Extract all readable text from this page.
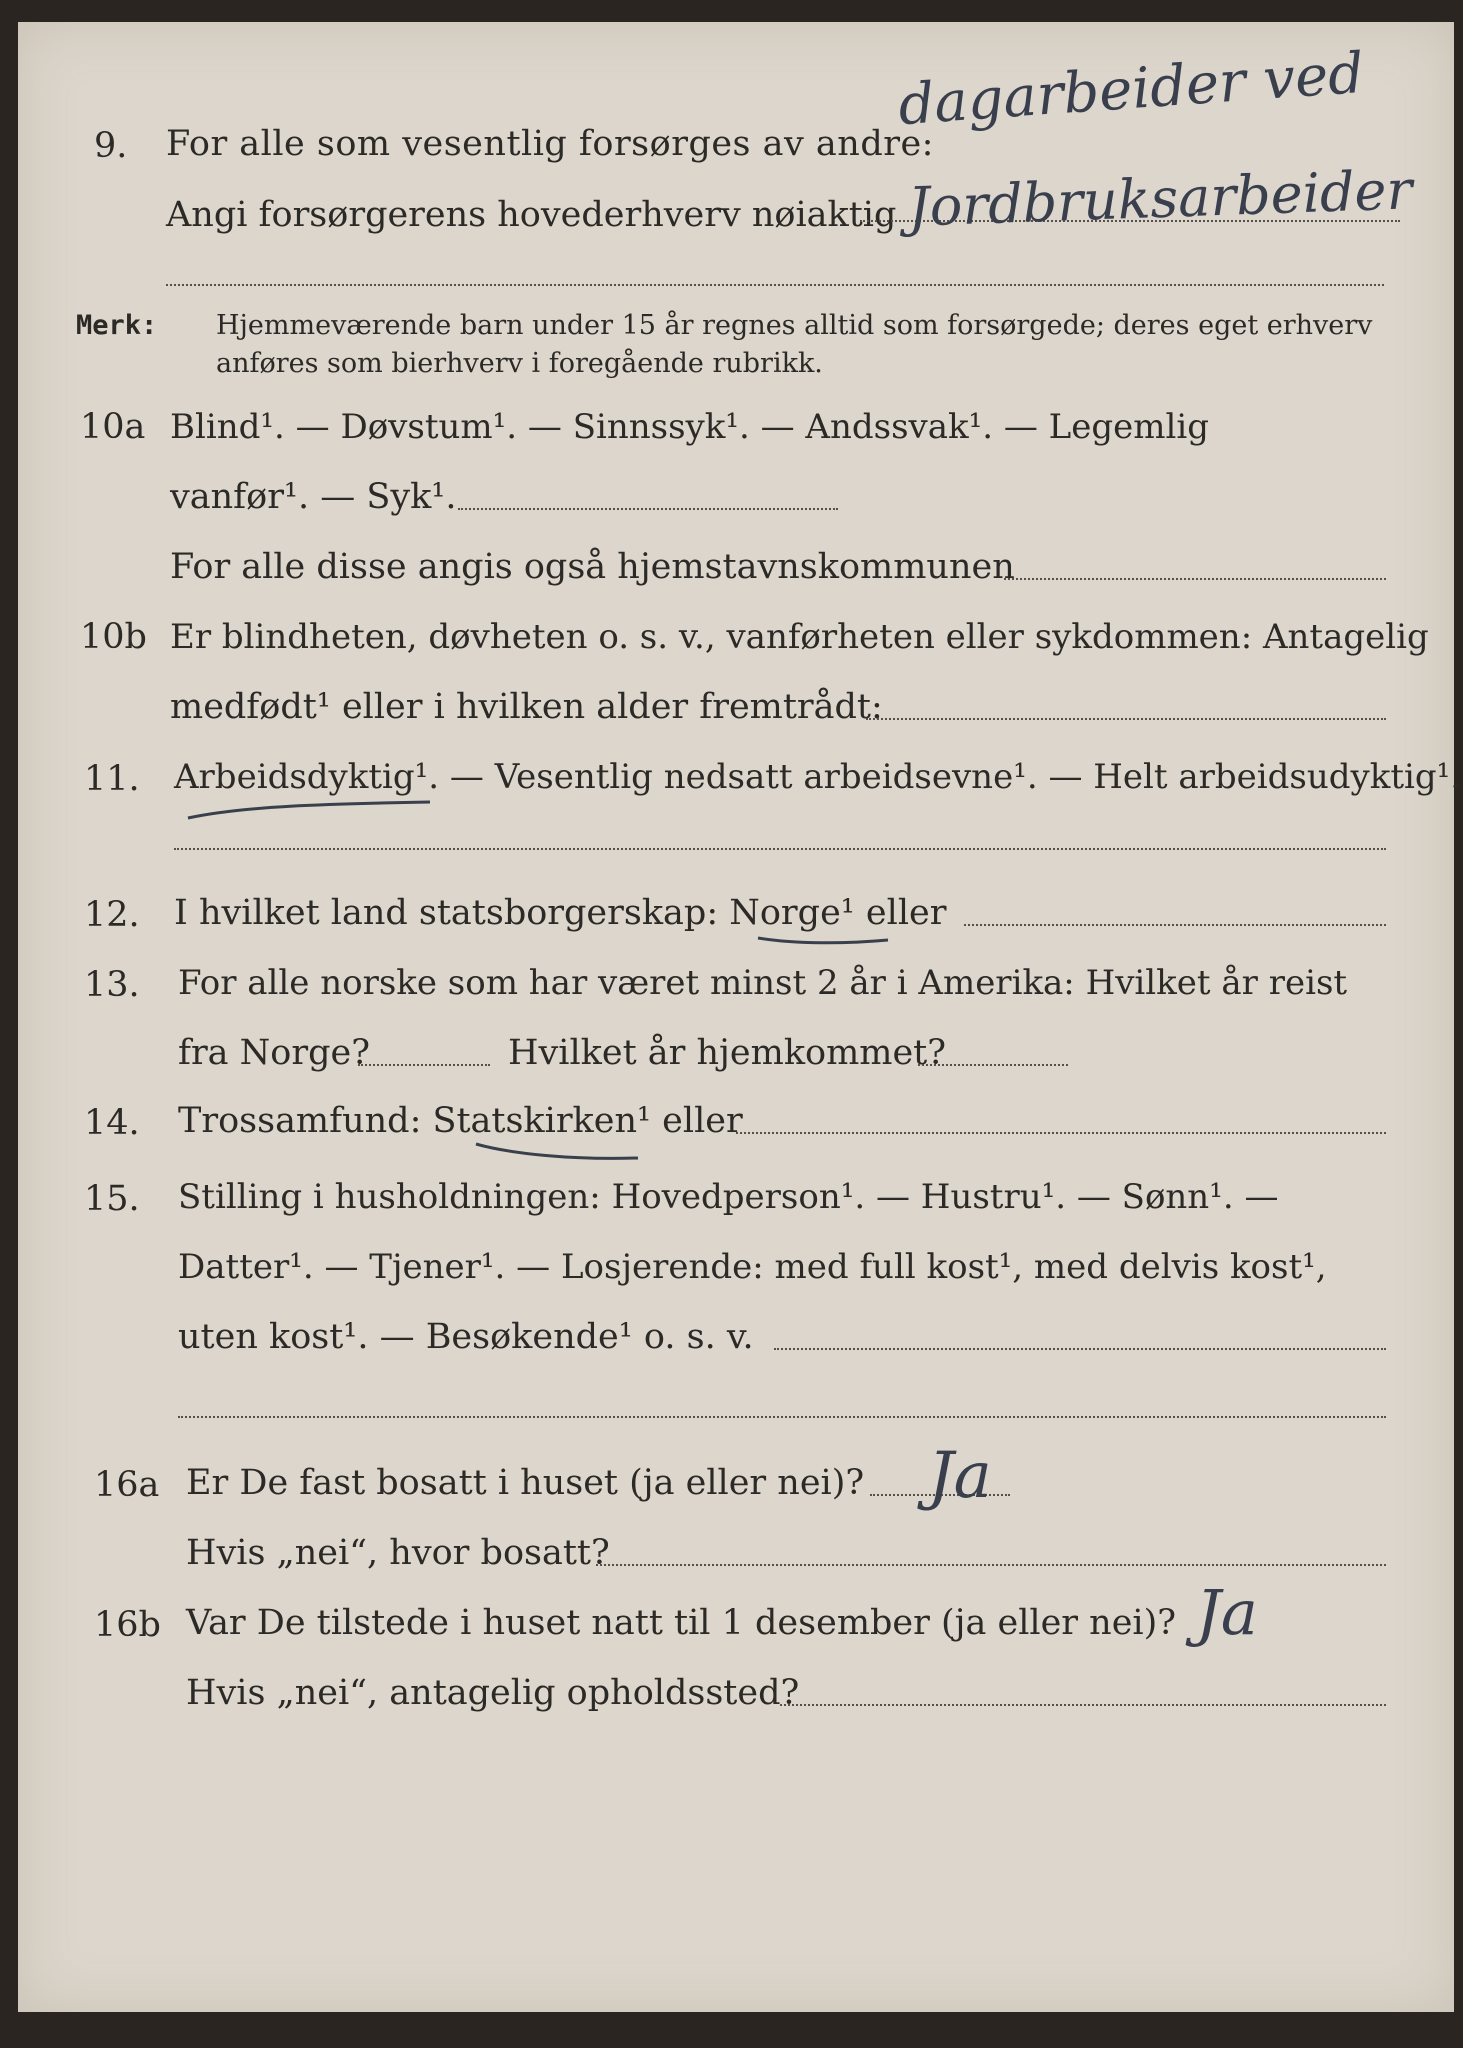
9. For alle som vesentlig forsørges av andre:
Angi forsørgerens hovederhverv nøiaktig
dagarbeider ved
Jordbruksarbeider
Merk: Hjemmeværende barn under 15 år regnes alltid som forsørgede; deres eget erhverv
anføres som bierhverv i foregående rubrikk.
10a Blind¹. — Døvstum¹. — Sinnssyk¹. — Andssvak¹. — Legemlig
vanfør¹. — Syk¹.
For alle disse angis også hjemstavnskommunen
10b Er blindheten, døvheten o. s. v., vanførheten eller sykdommen: Antagelig
medfødt¹ eller i hvilken alder fremtrådt:
11. Arbeidsdyktig¹. — Vesentlig nedsatt arbeidsevne¹. — Helt arbeidsudyktig¹.
12. I hvilket land statsborgerskap: Norge¹ eller
13. For alle norske som har været minst 2 år i Amerika: Hvilket år reist
fra Norge?	Hvilket år hjemkommet?
14. Trossamfund: Statskirken¹ eller
15. Stilling i husholdningen: Hovedperson¹. — Hustru¹. — Sønn¹. —
Datter¹. — Tjener¹. — Losjerende: med full kost¹, med delvis kost¹,
uten kost¹. — Besøkende¹ o. s. v.
16a Er De fast bosatt i huset (ja eller nei)? Ja
Hvis „nei“, hvor bosatt?
16b Var De tilstede i huset natt til 1 desember (ja eller nei)? Ja
Hvis „nei“, antagelig opholdssted?
